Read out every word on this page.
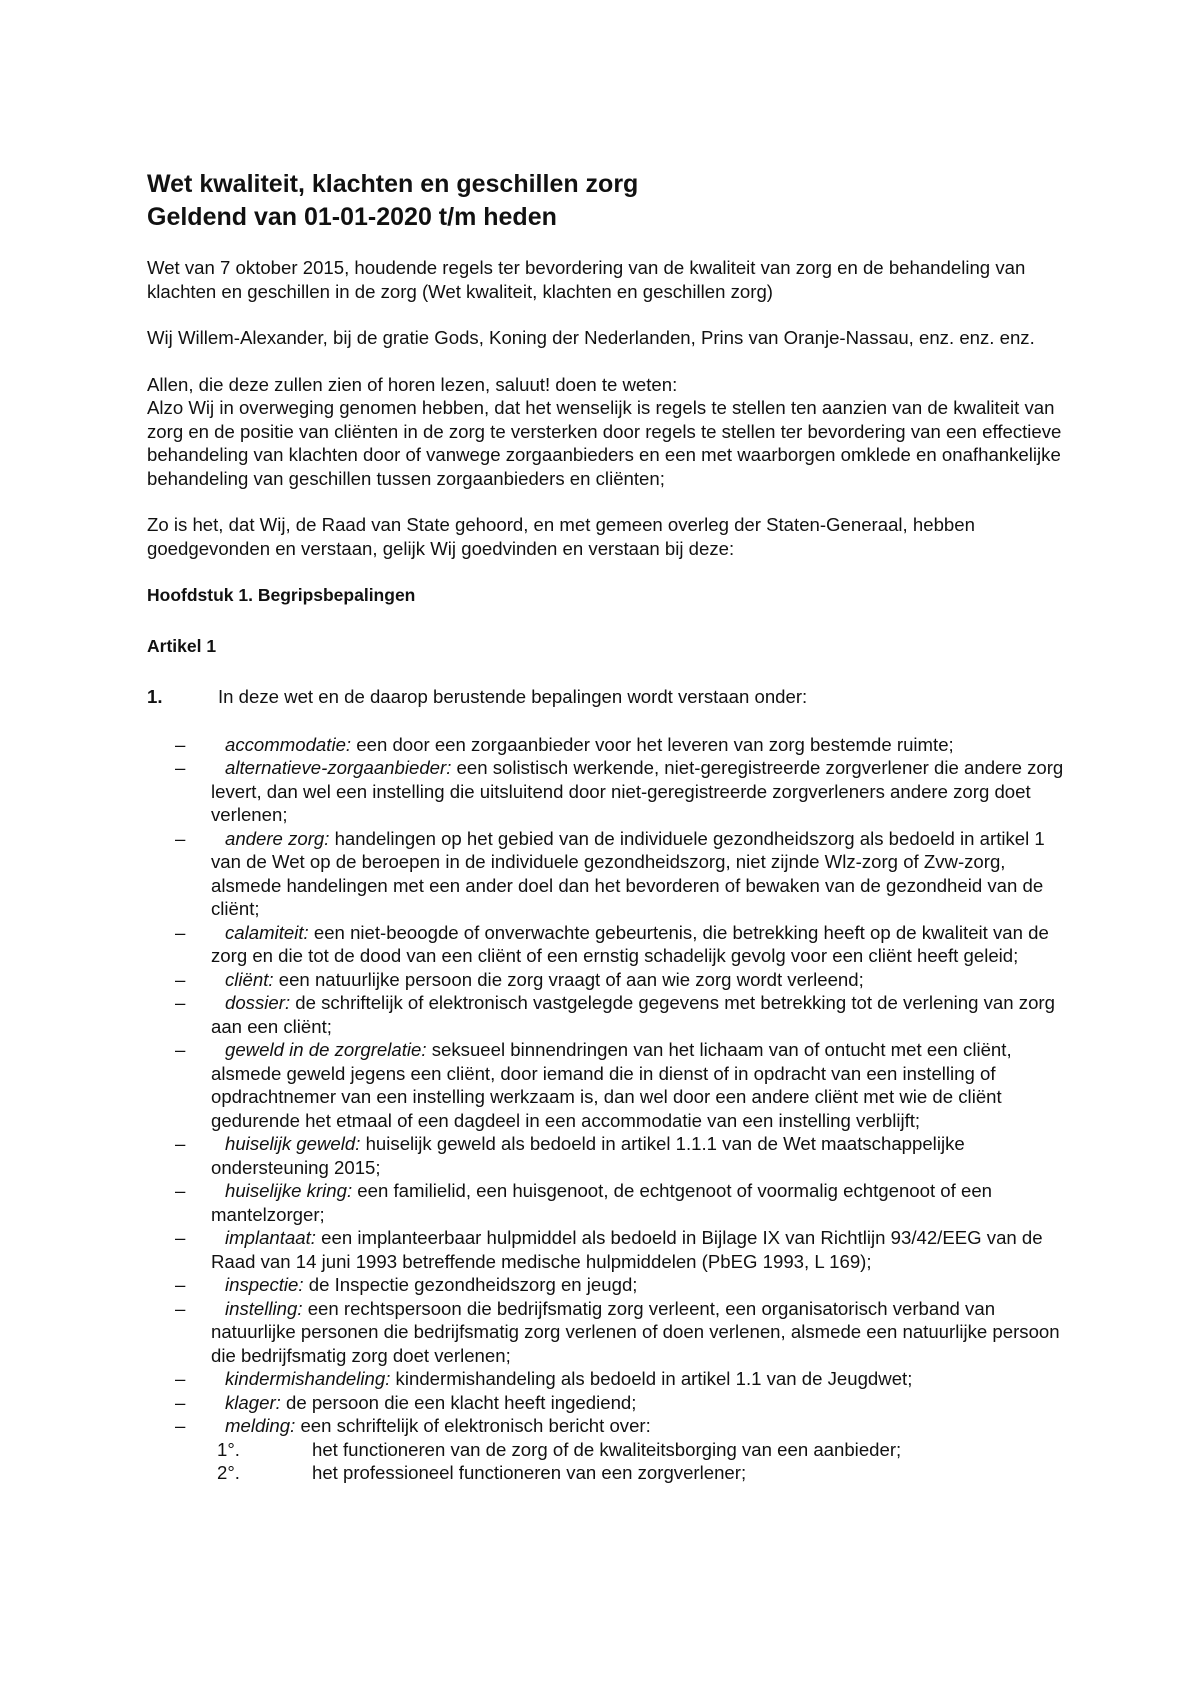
Wet kwaliteit, klachten en geschillen zorg
Geldend van 01-01-2020 t/m heden

Wet van 7 oktober 2015, houdende regels ter bevordering van de kwaliteit van zorg en de behandeling van klachten en geschillen in de zorg (Wet kwaliteit, klachten en geschillen zorg)

Wij Willem-Alexander, bij de gratie Gods, Koning der Nederlanden, Prins van Oranje-Nassau, enz. enz. enz.

Allen, die deze zullen zien of horen lezen, saluut! doen te weten:

Alzo Wij in overweging genomen hebben, dat het wenselijk is regels te stellen ten aanzien van de kwaliteit van zorg en de positie van cliënten in de zorg te versterken door regels te stellen ter bevordering van een effectieve behandeling van klachten door of vanwege zorgaanbieders en een met waarborgen omklede en onafhankelijke behandeling van geschillen tussen zorgaanbieders en cliënten;

Zo is het, dat Wij, de Raad van State gehoord, en met gemeen overleg der Staten-Generaal, hebben goedgevonden en verstaan, gelijk Wij goedvinden en verstaan bij deze:

Hoofdstuk 1. Begripsbepalingen

Artikel 1

1.	In deze wet en de daarop berustende bepalingen wordt verstaan onder:

–	accommodatie: een door een zorgaanbieder voor het leveren van zorg bestemde ruimte;
–	alternatieve-zorgaanbieder: een solistisch werkende, niet-geregistreerde zorgverlener die andere zorg levert, dan wel een instelling die uitsluitend door niet-geregistreerde zorgverleners andere zorg doet verlenen;
–	andere zorg: handelingen op het gebied van de individuele gezondheidszorg als bedoeld in artikel 1 van de Wet op de beroepen in de individuele gezondheidszorg, niet zijnde Wlz-zorg of Zvw-zorg, alsmede handelingen met een ander doel dan het bevorderen of bewaken van de gezondheid van de cliënt;
–	calamiteit: een niet-beoogde of onverwachte gebeurtenis, die betrekking heeft op de kwaliteit van de zorg en die tot de dood van een cliënt of een ernstig schadelijk gevolg voor een cliënt heeft geleid;
–	cliënt: een natuurlijke persoon die zorg vraagt of aan wie zorg wordt verleend;
–	dossier: de schriftelijk of elektronisch vastgelegde gegevens met betrekking tot de verlening van zorg aan een cliënt;
–	geweld in de zorgrelatie: seksueel binnendringen van het lichaam van of ontucht met een cliënt, alsmede geweld jegens een cliënt, door iemand die in dienst of in opdracht van een instelling of opdrachtnemer van een instelling werkzaam is, dan wel door een andere cliënt met wie de cliënt gedurende het etmaal of een dagdeel in een accommodatie van een instelling verblijft;
–	huiselijk geweld: huiselijk geweld als bedoeld in artikel 1.1.1 van de Wet maatschappelijke ondersteuning 2015;
–	huiselijke kring: een familielid, een huisgenoot, de echtgenoot of voormalig echtgenoot of een mantelzorger;
–	implantaat: een implanteerbaar hulpmiddel als bedoeld in Bijlage IX van Richtlijn 93/42/EEG van de Raad van 14 juni 1993 betreffende medische hulpmiddelen (PbEG 1993, L 169);
–	inspectie: de Inspectie gezondheidszorg en jeugd;
–	instelling: een rechtspersoon die bedrijfsmatig zorg verleent, een organisatorisch verband van natuurlijke personen die bedrijfsmatig zorg verlenen of doen verlenen, alsmede een natuurlijke persoon die bedrijfsmatig zorg doet verlenen;
–	kindermishandeling: kindermishandeling als bedoeld in artikel 1.1 van de Jeugdwet;
–	klager: de persoon die een klacht heeft ingediend;
–	melding: een schriftelijk of elektronisch bericht over:
1°.	het functioneren van de zorg of de kwaliteitsborging van een aanbieder;
2°.	het professioneel functioneren van een zorgverlener;
